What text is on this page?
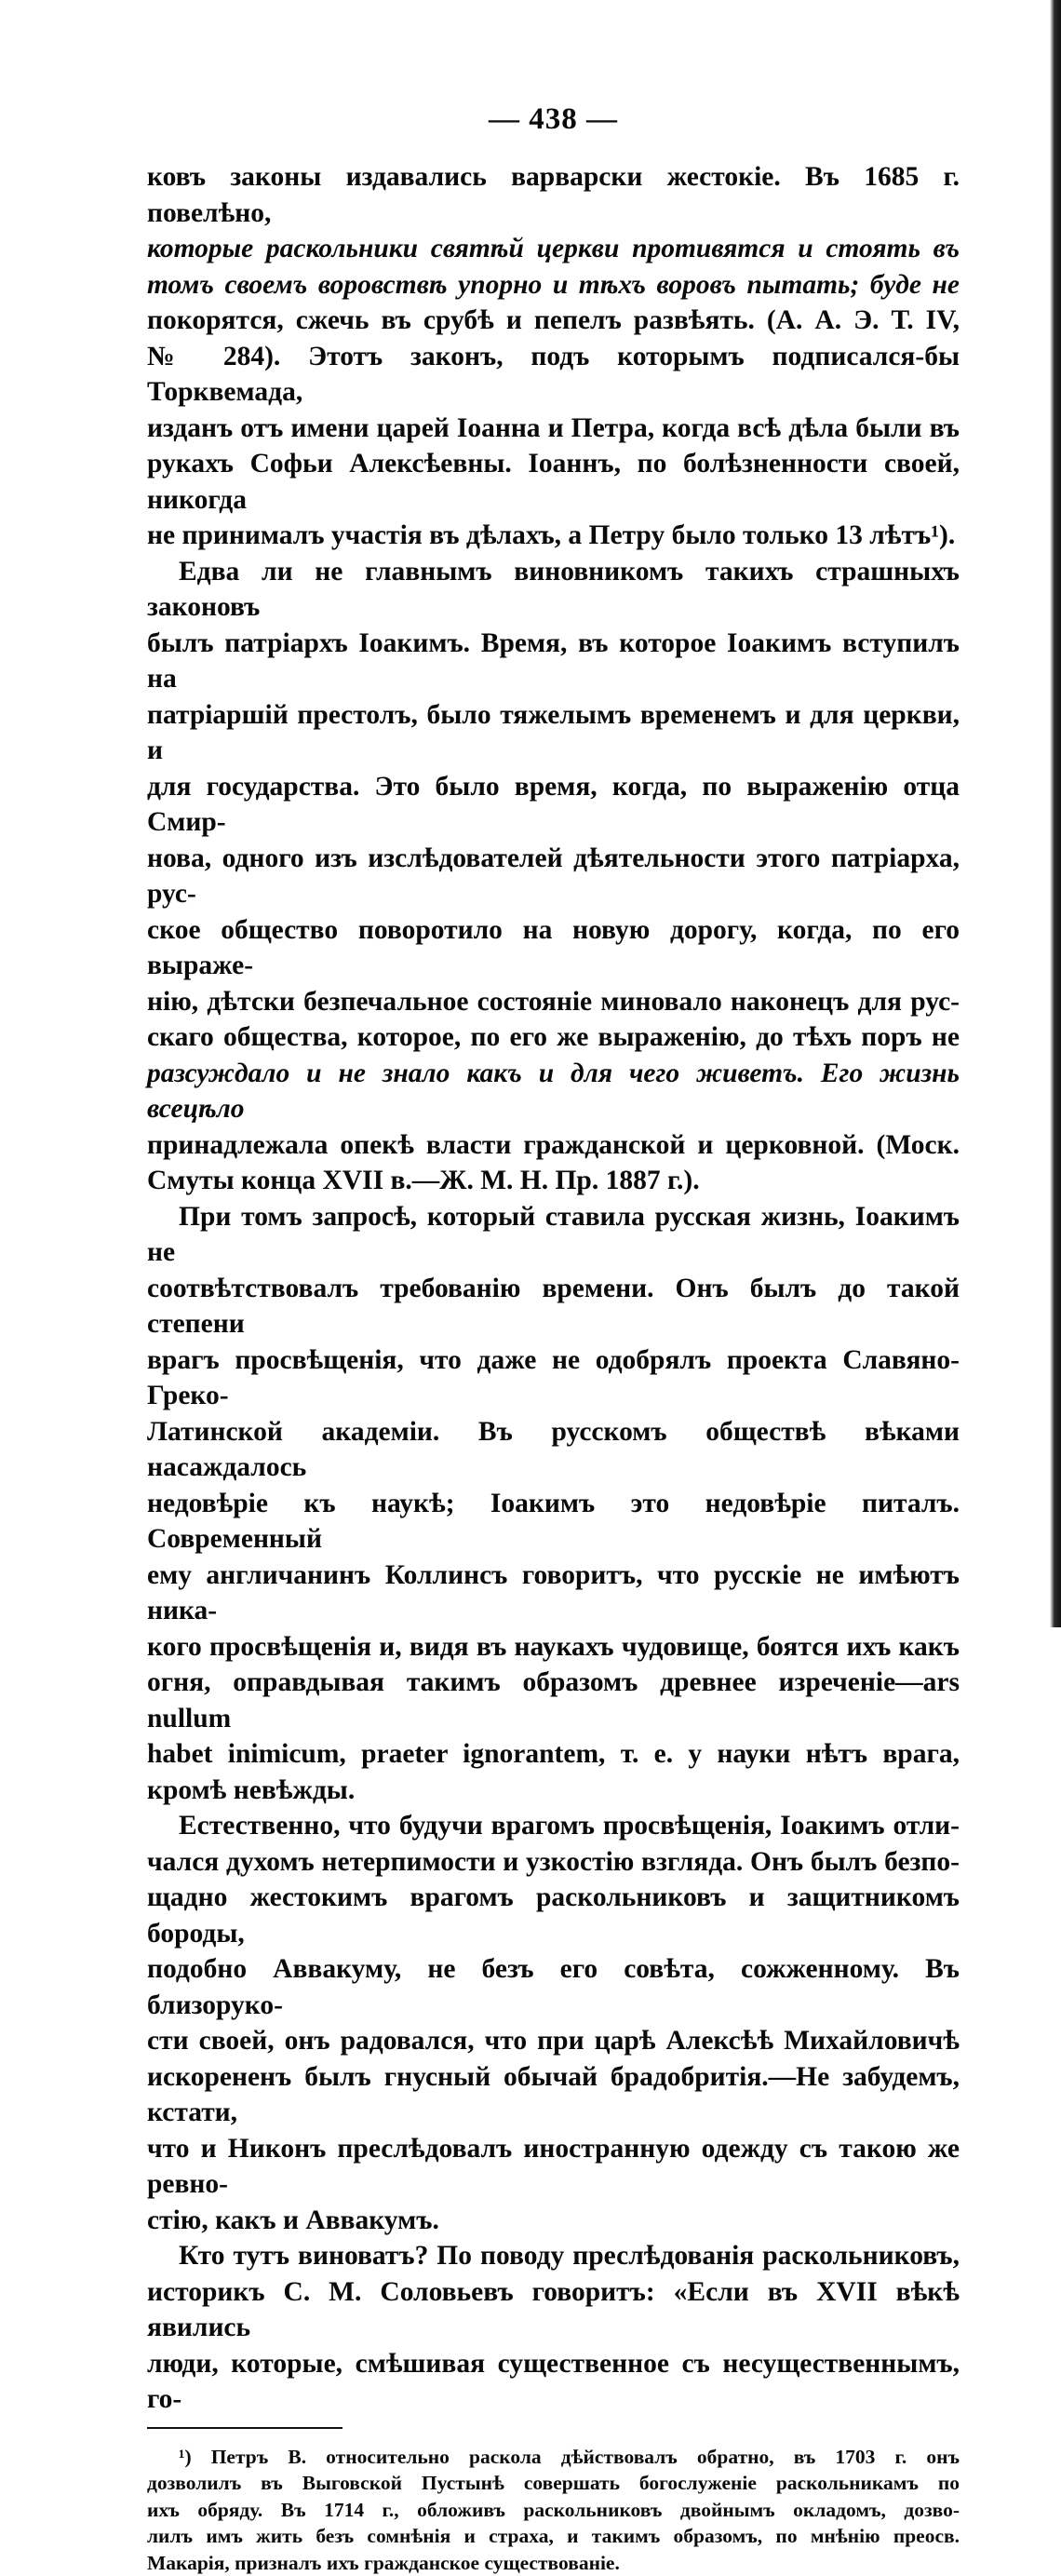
— 438 —

ковъ законы издавались варварски жестокіе. Въ 1685 г. повелѣно,

которые раскольники святѣй церкви противятся и стоять въ

томъ своемъ воровствѣ упорно и тѣхъ воровъ пытать; буде не

покорятся, сжечь въ срубѣ и пепелъ развѣять. (А. А. Э. Т. IV,

№ 284). Этотъ законъ, подъ которымъ подписался-бы Торквемада,

изданъ отъ имени царей Іоанна и Петра, когда всѣ дѣла были въ

рукахъ Софьи Алексѣевны. Іоаннъ, по болѣзненности своей, никогда

не принималъ участія въ дѣлахъ, а Петру было только 13 лѣтъ¹).

Едва ли не главнымъ виновникомъ такихъ страшныхъ законовъ

былъ патріархъ Іоакимъ. Время, въ которое Іоакимъ вступилъ на

патріаршій престолъ, было тяжелымъ временемъ и для церкви, и

для государства. Это было время, когда, по выраженію отца Смир-

нова, одного изъ изслѣдователей дѣятельности этого патріарха, рус-

ское общество поворотило на новую дорогу, когда, по его выраже-

нію, дѣтски безпечальное состояніе миновало наконецъ для рус-

скаго общества, которое, по его же выраженію, до тѣхъ поръ не

разсуждало и не знало какъ и для чего живетъ. Его жизнь всецѣло

принадлежала опекѣ власти гражданской и церковной. (Моск.

Смуты конца XVII в.—Ж. М. Н. Пр. 1887 г.).

При томъ запросѣ, который ставила русская жизнь, Іоакимъ не

соотвѣтствовалъ требованію времени. Онъ былъ до такой степени

врагъ просвѣщенія, что даже не одобрялъ проекта Славяно-Греко-

Латинской академіи. Въ русскомъ обществѣ вѣками насаждалось

недовѣріе къ наукѣ; Іоакимъ это недовѣріе питалъ. Современный

ему англичанинъ Коллинсъ говоритъ, что русскіе не имѣютъ ника-

кого просвѣщенія и, видя въ наукахъ чудовище, боятся ихъ какъ

огня, оправдывая такимъ образомъ древнее изреченіе—ars nullum

habet inimicum, praeter ignorantem, т. е. у науки нѣтъ врага,

кромѣ невѣжды.

Естественно, что будучи врагомъ просвѣщенія, Іоакимъ отли-

чался духомъ нетерпимости и узкостію взгляда. Онъ былъ безпо-

щадно жестокимъ врагомъ раскольниковъ и защитникомъ бороды,

подобно Аввакуму, не безъ его совѣта, сожженному. Въ близоруко-

сти своей, онъ радовался, что при царѣ Алексѣѣ Михайловичѣ

искорененъ былъ гнусный обычай брадобритія.—Не забудемъ, кстати,

что и Никонъ преслѣдовалъ иностранную одежду съ такою же ревно-

стію, какъ и Аввакумъ.

Кто тутъ виноватъ? По поводу преслѣдованія раскольниковъ,

историкъ С. М. Соловьевъ говоритъ: «Если въ XVII вѣкѣ явились

люди, которые, смѣшивая существенное съ несущественнымъ, го-

¹) Петръ В. относительно раскола дѣйствовалъ обратно, въ 1703 г. онъ

дозволилъ въ Выговской Пустынѣ совершать богослуженіе раскольникамъ по

ихъ обряду. Въ 1714 г., обложивъ раскольниковъ двойнымъ окладомъ, дозво-

лилъ имъ жить безъ сомнѣнія и страха, и такимъ образомъ, по мнѣнію преосв.

Макарія, призналъ ихъ гражданское существованіе.
